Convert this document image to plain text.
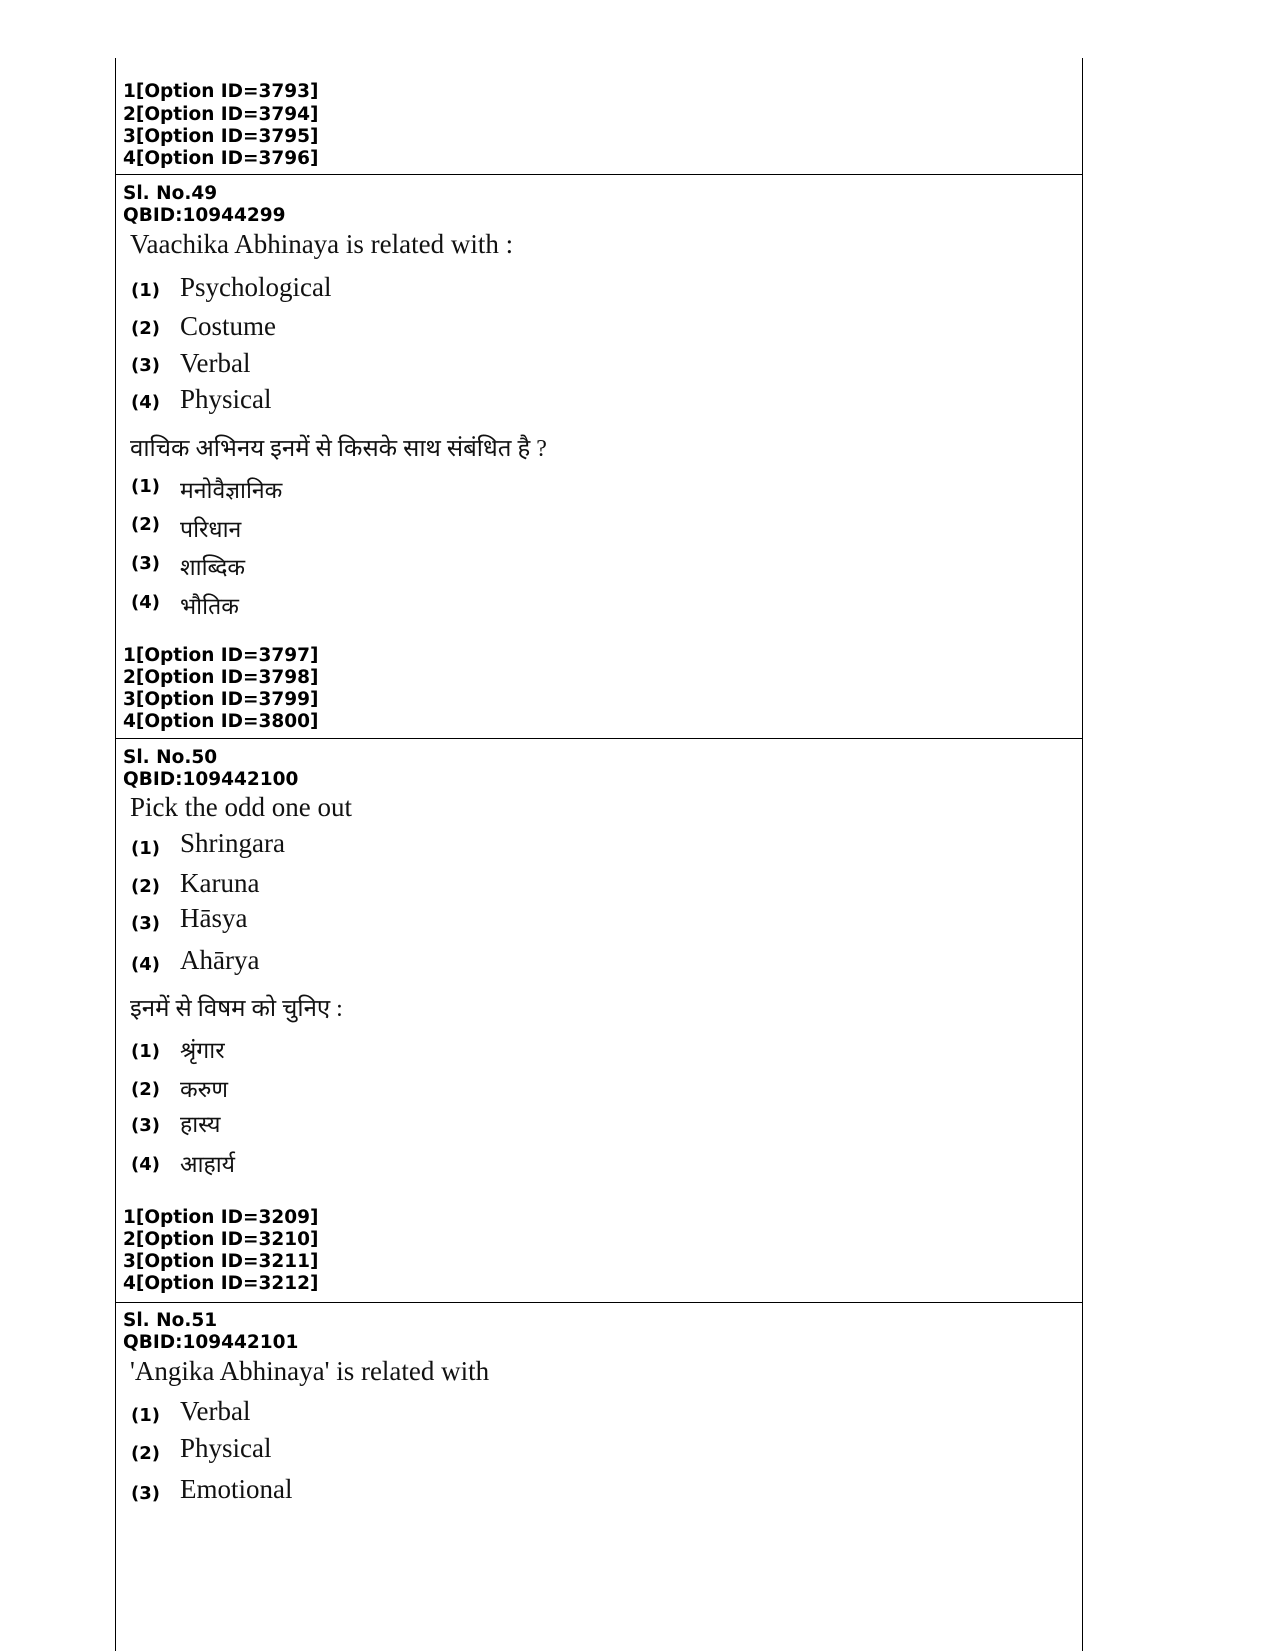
1[Option ID=3793]
2[Option ID=3794]
3[Option ID=3795]
4[Option ID=3796]
Sl. No.49
QBID:10944299
Vaachika Abhinaya is related with :
(1) Psychological
(2) Costume
(3) Verbal
(4) Physical
वाचिक अभिनय इनमें से किसके साथ संबंधित है ?
(1) मनोवैज्ञानिक
(2) परिधान
(3) शाब्दिक
(4) भौतिक
1[Option ID=3797]
2[Option ID=3798]
3[Option ID=3799]
4[Option ID=3800]
Sl. No.50
QBID:109442100
Pick the odd one out
(1) Shringara
(2) Karuna
(3) Hāsya
(4) Ahārya
इनमें से विषम को चुनिए :
(1) श्रृंगार
(2) करुण
(3) हास्य
(4) आहार्य
1[Option ID=3209]
2[Option ID=3210]
3[Option ID=3211]
4[Option ID=3212]
Sl. No.51
QBID:109442101
'Angika Abhinaya' is related with
(1) Verbal
(2) Physical
(3) Emotional
